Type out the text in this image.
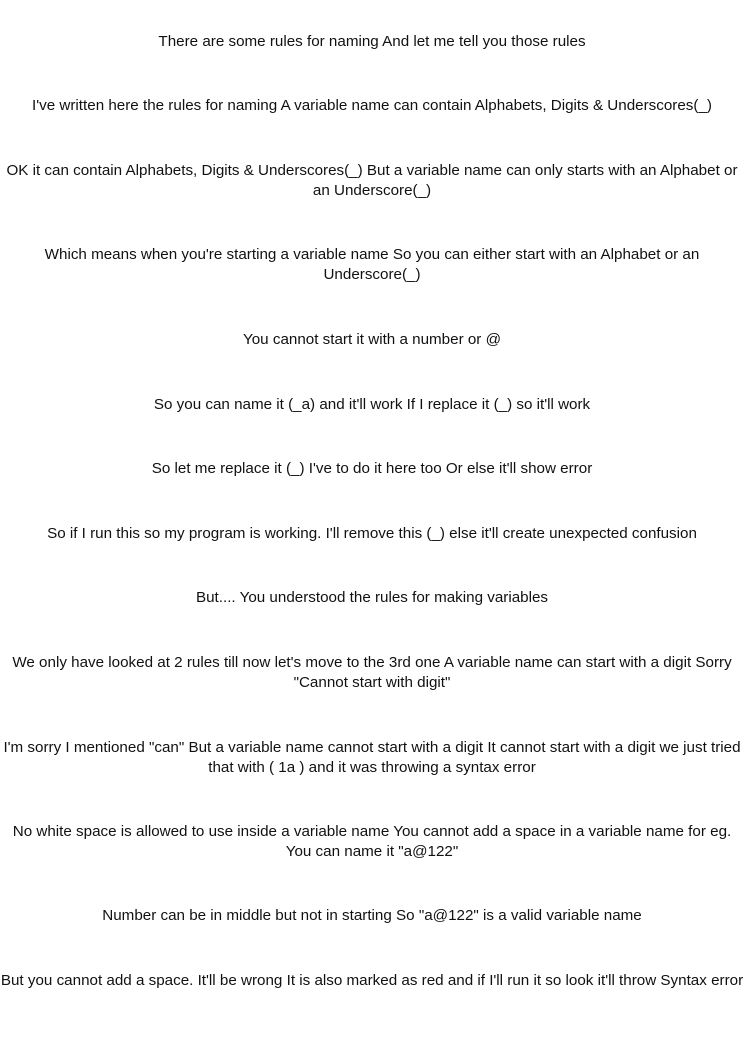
There are some rules for naming And let me tell you those rules

I've written here the rules for naming A variable name can contain Alphabets, Digits & Underscores(_)

OK it can contain Alphabets, Digits & Underscores(_) But a variable name can only starts with an Alphabet or an Underscore(_)

Which means when you're starting a variable name So you can either start with an Alphabet or an Underscore(_)

You cannot start it with a number or @

So you can name it (_a) and it'll work If I replace it (_) so it'll work

So let me replace it (_) I've to do it here too Or else it'll show error

So if I run this so my program is working. I'll remove this (_) else it'll create unexpected confusion

But.... You understood the rules for making variables

We only have looked at 2 rules till now let's move to the 3rd one A variable name can start with a digit Sorry "Cannot start with digit"

I'm sorry I mentioned "can" But a variable name cannot start with a digit It cannot start with a digit we just tried that with ( 1a ) and it was throwing a syntax error

No white space is allowed to use inside a variable name You cannot add a space in a variable name for eg. You can name it "a@122"

Number can be in middle but not in starting So "a@122" is a valid variable name

But you cannot add a space. It'll be wrong It is also marked as red and if I'll run it so look it'll throw Syntax error
